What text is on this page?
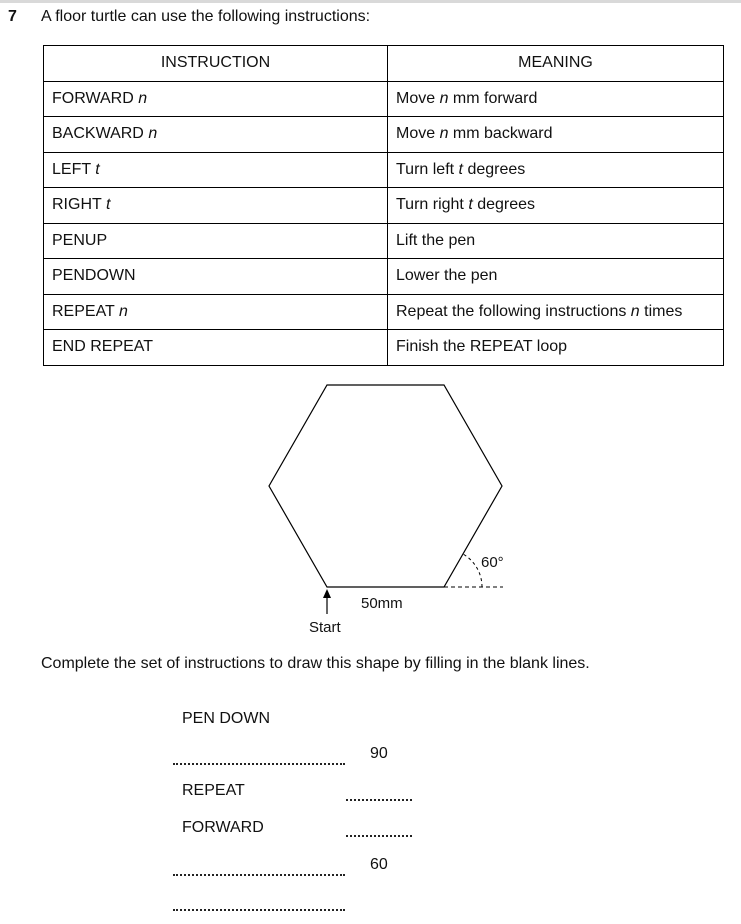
7 A floor turtle can use the following instructions:
INSTRUCTION	MEANING
FORWARD n	Move n mm forward
BACKWARD n	Move n mm backward
LEFT t	Turn left t degrees
RIGHT t	Turn right t degrees
PENUP	Lift the pen
PENDOWN	Lower the pen
REPEAT n	Repeat the following instructions n times
END REPEAT	Finish the REPEAT loop
60°
50mm
Start
Complete the set of instructions to draw this shape by filling in the blank lines.
PEN DOWN
90
REPEAT
FORWARD
60
